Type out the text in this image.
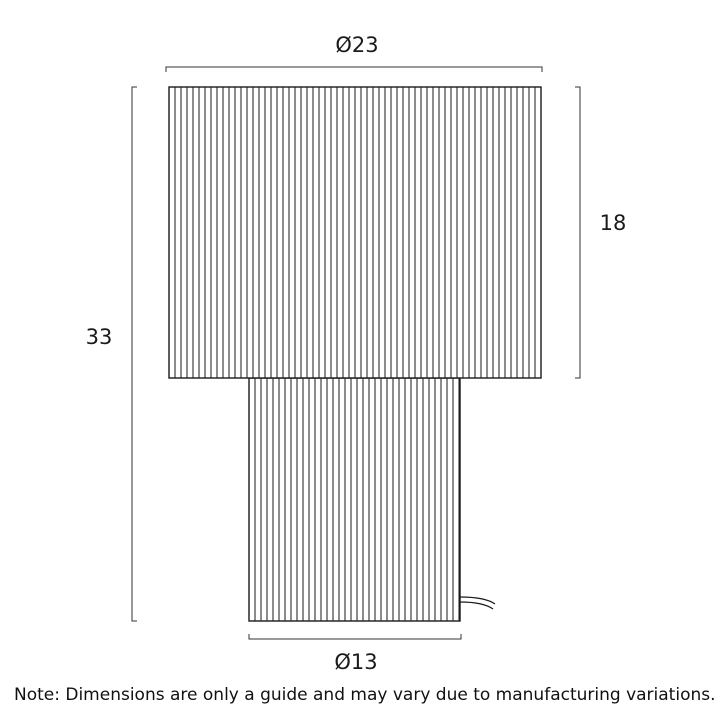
Ø23
33
18
Ø13
Note: Dimensions are only a guide and may vary due to manufacturing variations.
